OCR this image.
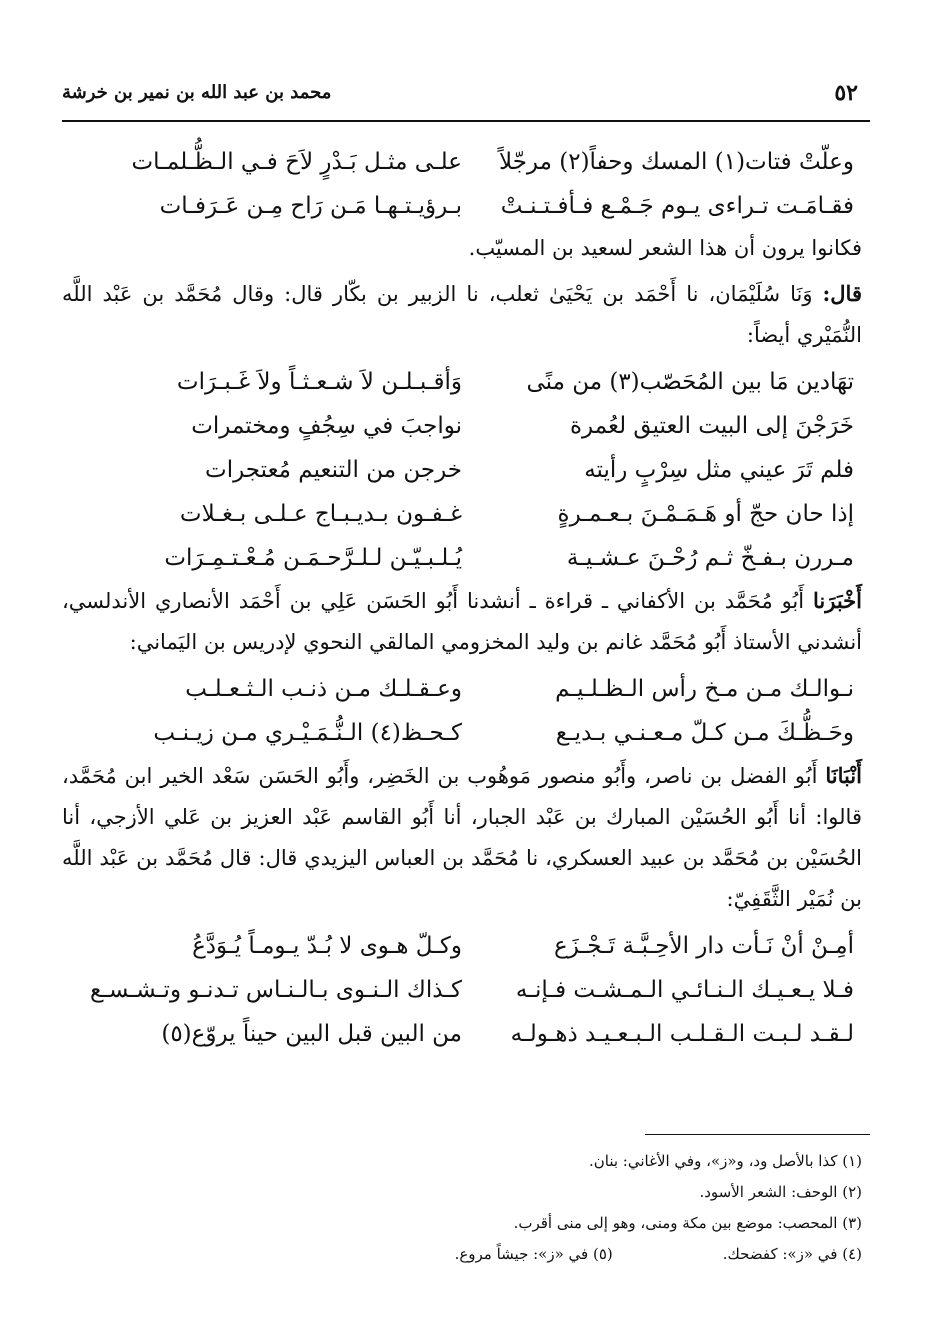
٥٢
محمد بن عبد الله بن نمير بن خرشة
وعلّتْ فتات(١) المسك وحفاً(٢) مرجّلاً
علـى مثـل بَـدْرٍ لاَحَ فـي الـظُّـلمـات
فقـامَـت تـراءى يـوم جَـمْـع فـأفـتـنـتْ
بـرؤيـتـهـا مَـن رَاح مِـن عَـرَفـات

فكانوا يرون أن هذا الشعر لسعيد بن المسيّب.

قال: وَنَا سُلَيْمَان، نا أَحْمَد بن يَحْيَىٰ ثعلب، نا الزبير بن بكّار قال: وقال مُحَمَّد بن عَبْد اللَّه النُّمَيْري أيضاً:

تهَادين مَا بين المُحَصّب(٣) من منًى
وَأقـبـلـن لاَ شـعـثـاً ولاَ غَـبـرَات
خَرَجْنَ إلى البيت العتيق لعُمرة
نواجبَ في سِجُفٍ ومختمرات
فلم تَرَ عيني مثل سِرْبٍ رأيته
خرجن من التنعيم مُعتجرات
إذا حان حجّ أو هَـمَـمْـنَ بـعـمـرةٍ
غـفـون بـديـبـاج عـلـى بـغـلات
مـررن بـفـخّ ثـم رُحْـنَ عـشـيـة
يُـلـبـيّـن لـلـرَّحـمَـن مُـعْـتـمِـرَات

أَخْبَرَنا أَبُو مُحَمَّد بن الأكفاني ـ قراءة ـ أنشدنا أَبُو الحَسَن عَلِي بن أَحْمَد الأنصاري الأندلسي، أنشدني الأستاذ أَبُو مُحَمَّد غانم بن وليد المخزومي المالقي النحوي لإدريس بن اليَماني:

نـوالـك مـن مـخ رأس الـظـلـيـم
وعـقـلـك مـن ذنـب الـثـعـلـب
وحَـظُّـكَ مـن كـلّ مـعـنـي بـديـع
كـحـظ(٤) الـنُّـمَـيْـري مـن زيـنـب

أَنْبَانَا أَبُو الفضل بن ناصر، وأَبُو منصور مَوهُوب بن الخَضِر، وأَبُو الحَسَن سَعْد الخير ابن مُحَمَّد، قالوا: أنا أَبُو الحُسَيْن المبارك بن عَبْد الجبار، أنا أَبُو القاسم عَبْد العزيز بن عَلي الأزجي، أنا الحُسَيْن بن مُحَمَّد بن عبيد العسكري، نا مُحَمَّد بن العباس اليزيدي قال: قال مُحَمَّد بن عَبْد اللَّه بن نُمَيْر الثَّقَفِيّ:

أمِـنْ أنْ نَـأت دار الأحِـبَّـة تَـجْـزَع
وكـلّ هـوى لا بُـدّ يـومـاً يُـوَدَّعُ
فـلا يـعـيـك الـنـائـي الـمـشـت فـإنـه
كـذاك الـنـوى بـالـنـاس تـدنـو وتـشـسـع
لـقـد لـبـت الـقـلـب الـبـعـيـد ذهـولـه
من البين قبل البين حيناً يروّع(٥)
(١) كذا بالأصل ود، و«ز»، وفي الأغاني: بنان.
(٢) الوحف: الشعر الأسود.
(٣) المحصب: موضع بين مكة ومنى، وهو إلى منى أقرب.
(٤) في «ز»: كفضحك.
(٥) في «ز»: جيشاً مروع.
